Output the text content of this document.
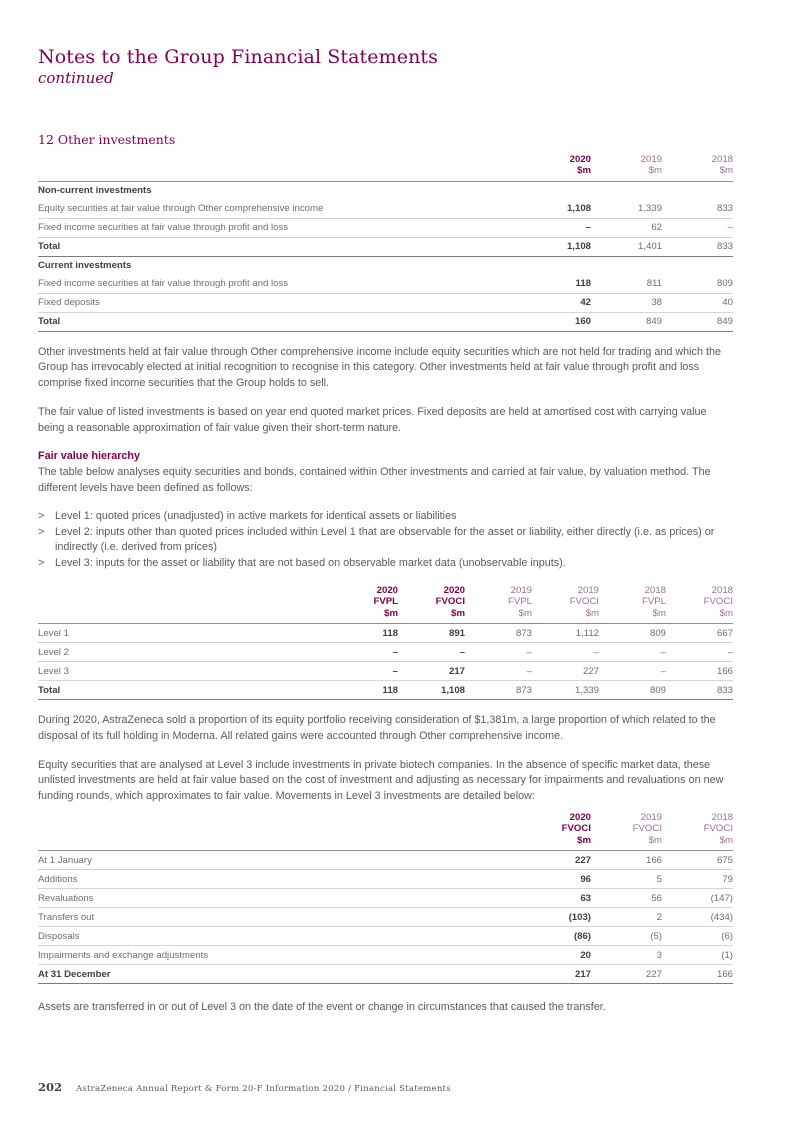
Notes to the Group Financial Statements
continued
12 Other investments

	2020
$m	2019
$m	2018
$m

Non-current investments			
Equity securities at fair value through Other comprehensive income	1,108	1,339	833
Fixed income securities at fair value through profit and loss	–	62	–
Total	1,108	1,401	833
Current investments			
Fixed income securities at fair value through profit and loss	118	811	809
Fixed deposits	42	38	40
Total	160	849	849

Other investments held at fair value through Other comprehensive income include equity securities which are not held for trading and which the Group has irrevocably elected at initial recognition to recognise in this category. Other investments held at fair value through profit and loss comprise fixed income securities that the Group holds to sell.

The fair value of listed investments is based on year end quoted market prices. Fixed deposits are held at amortised cost with carrying value being a reasonable approximation of fair value given their short-term nature.

Fair value hierarchy

The table below analyses equity securities and bonds, contained within Other investments and carried at fair value, by valuation method. The different levels have been defined as follows:

> Level 1: quoted prices (unadjusted) in active markets for identical assets or liabilities
> Level 2: inputs other than quoted prices included within Level 1 that are observable for the asset or liability, either directly (i.e. as prices) or indirectly (i.e. derived from prices)
> Level 3: inputs for the asset or liability that are not based on observable market data (unobservable inputs).

	2020
FVPL
$m	2020
FVOCI
$m	2019
FVPL
$m	2019
FVOCI
$m	2018
FVPL
$m	2018
FVOCI
$m

Level 1	118	891	873	1,112	809	667
Level 2	–	–	–	–	–	–
Level 3	–	217	–	227	–	166
Total	118	1,108	873	1,339	809	833

During 2020, AstraZeneca sold a proportion of its equity portfolio receiving consideration of $1,381m, a large proportion of which related to the disposal of its full holding in Moderna. All related gains were accounted through Other comprehensive income.

Equity securities that are analysed at Level 3 include investments in private biotech companies. In the absence of specific market data, these unlisted investments are held at fair value based on the cost of investment and adjusting as necessary for impairments and revaluations on new funding rounds, which approximates to fair value. Movements in Level 3 investments are detailed below:

	2020
FVOCI
$m	2019
FVOCI
$m	2018
FVOCI
$m

At 1 January	227	166	675
Additions	96	5	79
Revaluations	63	56	(147)
Transfers out	(103)	2	(434)
Disposals	(86)	(5)	(6)
Impairments and exchange adjustments	20	3	(1)
At 31 December	217	227	166

Assets are transferred in or out of Level 3 on the date of the event or change in circumstances that caused the transfer.

202 AstraZeneca Annual Report & Form 20-F Information 2020 / Financial Statements
